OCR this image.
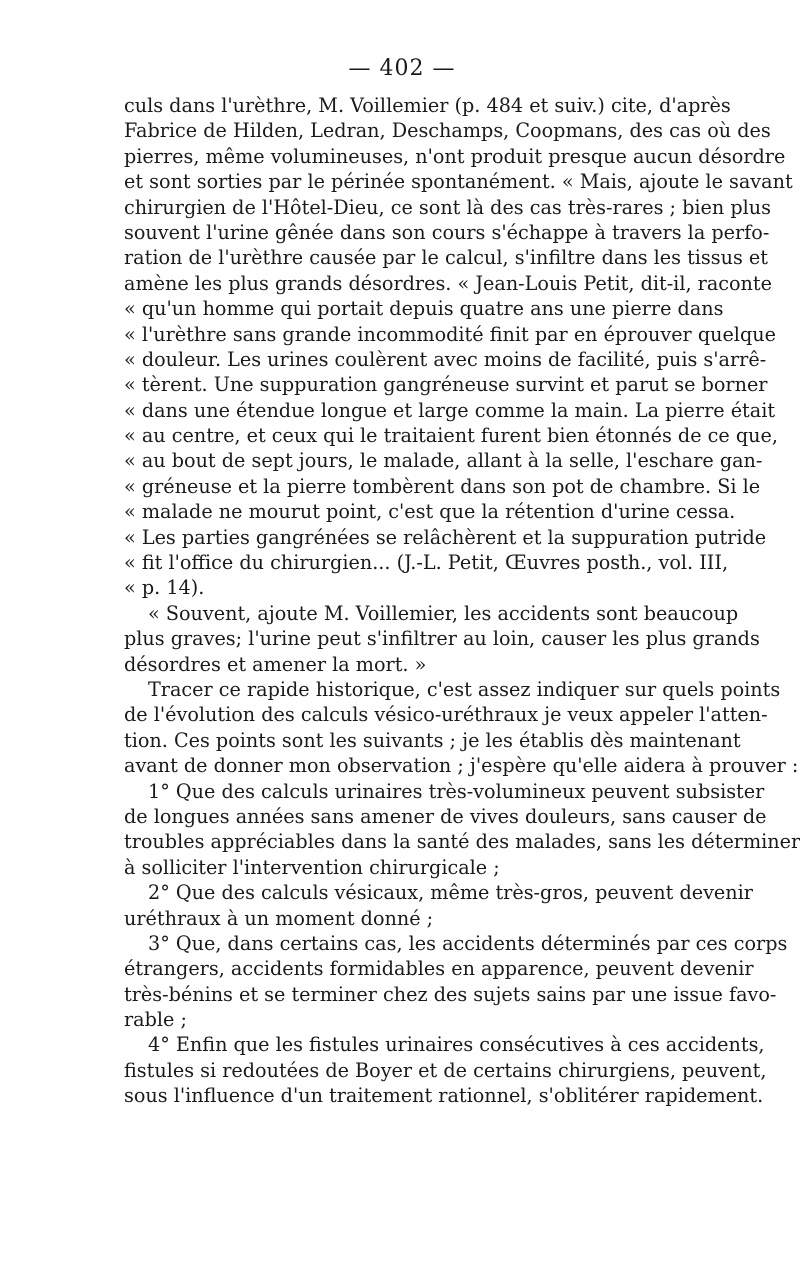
— 402 —
culs dans l'urèthre, M. Voillemier (p. 484 et suiv.) cite, d'après
Fabrice de Hilden, Ledran, Deschamps, Coopmans, des cas où des
pierres, même volumineuses, n'ont produit presque aucun désordre
et sont sorties par le périnée spontanément. « Mais, ajoute le savant
chirurgien de l'Hôtel-Dieu, ce sont là des cas très-rares ; bien plus
souvent l'urine gênée dans son cours s'échappe à travers la perfo-
ration de l'urèthre causée par le calcul, s'infiltre dans les tissus et
amène les plus grands désordres. « Jean-Louis Petit, dit-il, raconte
« qu'un homme qui portait depuis quatre ans une pierre dans
« l'urèthre sans grande incommodité finit par en éprouver quelque
« douleur. Les urines coulèrent avec moins de facilité, puis s'arrê-
« tèrent. Une suppuration gangréneuse survint et parut se borner
« dans une étendue longue et large comme la main. La pierre était
« au centre, et ceux qui le traitaient furent bien étonnés de ce que,
« au bout de sept jours, le malade, allant à la selle, l'eschare gan-
« gréneuse et la pierre tombèrent dans son pot de chambre. Si le
« malade ne mourut point, c'est que la rétention d'urine cessa.
« Les parties gangrénées se relâchèrent et la suppuration putride
« fit l'office du chirurgien... (J.-L. Petit, Œuvres posth., vol. III,
« p. 14).
« Souvent, ajoute M. Voillemier, les accidents sont beaucoup
plus graves; l'urine peut s'infiltrer au loin, causer les plus grands
désordres et amener la mort. »
Tracer ce rapide historique, c'est assez indiquer sur quels points
de l'évolution des calculs vésico-uréthraux je veux appeler l'atten-
tion. Ces points sont les suivants ; je les établis dès maintenant
avant de donner mon observation ; j'espère qu'elle aidera à prouver :
1° Que des calculs urinaires très-volumineux peuvent subsister
de longues années sans amener de vives douleurs, sans causer de
troubles appréciables dans la santé des malades, sans les déterminer
à solliciter l'intervention chirurgicale ;
2° Que des calculs vésicaux, même très-gros, peuvent devenir
uréthraux à un moment donné ;
3° Que, dans certains cas, les accidents déterminés par ces corps
étrangers, accidents formidables en apparence, peuvent devenir
très-bénins et se terminer chez des sujets sains par une issue favo-
rable ;
4° Enfin que les fistules urinaires consécutives à ces accidents,
fistules si redoutées de Boyer et de certains chirurgiens, peuvent,
sous l'influence d'un traitement rationnel, s'oblitérer rapidement.
